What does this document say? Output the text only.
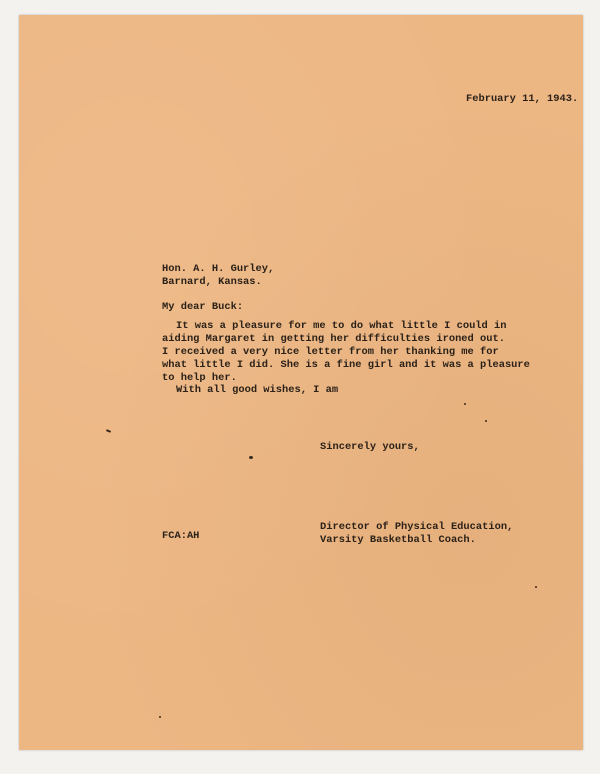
February 11, 1943.
Hon. A. H. Gurley,
Barnard, Kansas.
My dear Buck:
It was a pleasure for me to do what little I could in
aiding Margaret in getting her difficulties ironed out.
I received a very nice letter from her thanking me for
what little I did. She is a fine girl and it was a pleasure
to help her.
With all good wishes, I am
Sincerely yours,
Director of Physical Education,
Varsity Basketball Coach.
FCA:AH
